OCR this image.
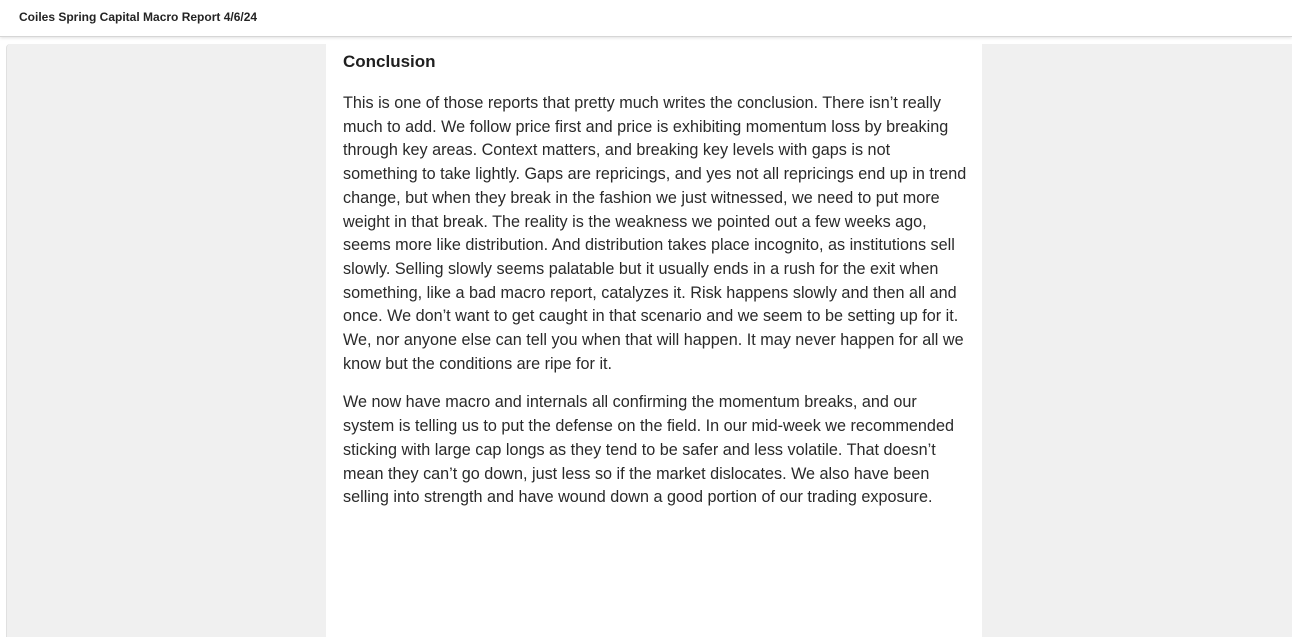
Coiles Spring Capital Macro Report 4/6/24
Conclusion

This is one of those reports that pretty much writes the conclusion. There isn’t really much to add. We follow price first and price is exhibiting momentum loss by breaking through key areas. Context matters, and breaking key levels with gaps is not something to take lightly. Gaps are repricings, and yes not all repricings end up in trend change, but when they break in the fashion we just witnessed, we need to put more weight in that break. The reality is the weakness we pointed out a few weeks ago, seems more like distribution. And distribution takes place incognito, as institutions sell slowly. Selling slowly seems palatable but it usually ends in a rush for the exit when something, like a bad macro report, catalyzes it. Risk happens slowly and then all and once. We don’t want to get caught in that scenario and we seem to be setting up for it. We, nor anyone else can tell you when that will happen. It may never happen for all we know but the conditions are ripe for it.

We now have macro and internals all confirming the momentum breaks, and our system is telling us to put the defense on the field. In our mid-week we recommended sticking with large cap longs as they tend to be safer and less volatile. That doesn’t mean they can’t go down, just less so if the market dislocates. We also have been selling into strength and have wound down a good portion of our trading exposure.
